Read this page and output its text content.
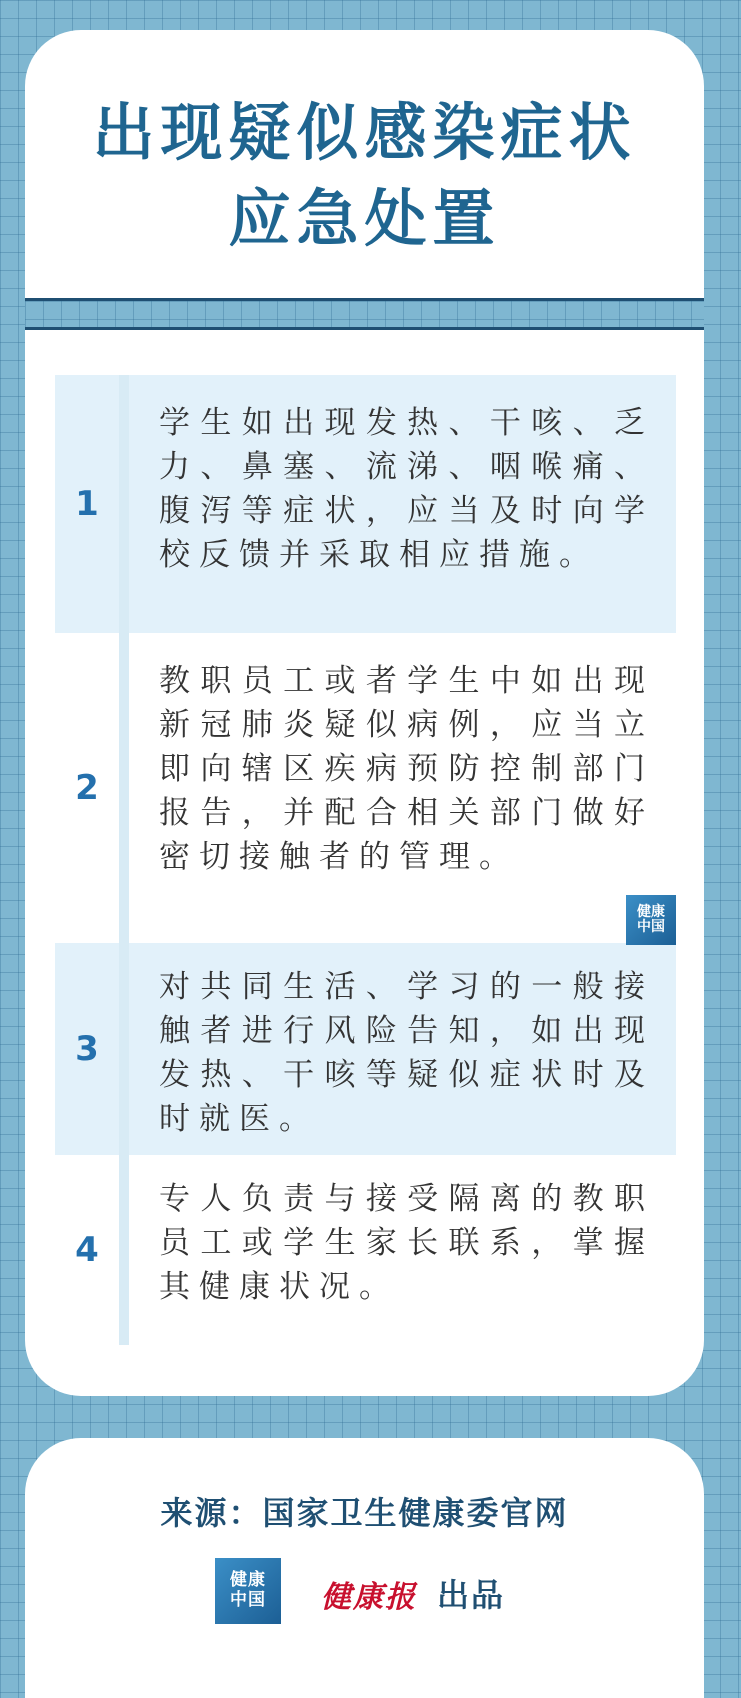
出现疑似感染症状
应急处置
1

学生如出现发热、干咳、乏力、鼻塞、流涕、咽喉痛、腹泻等症状，应当及时向学校反馈并采取相应措施。

2

教职员工或者学生中如出现新冠肺炎疑似病例，应当立即向辖区疾病预防控制部门报告，并配合相关部门做好密切接触者的管理。

健康
中国
3

对共同生活、学习的一般接触者进行风险告知，如出现发热、干咳等疑似症状时及时就医。

4

专人负责与接受隔离的教职员工或学生家长联系，掌握其健康状况。

来源：国家卫生健康委官网
健康
中国 健康报 出品
